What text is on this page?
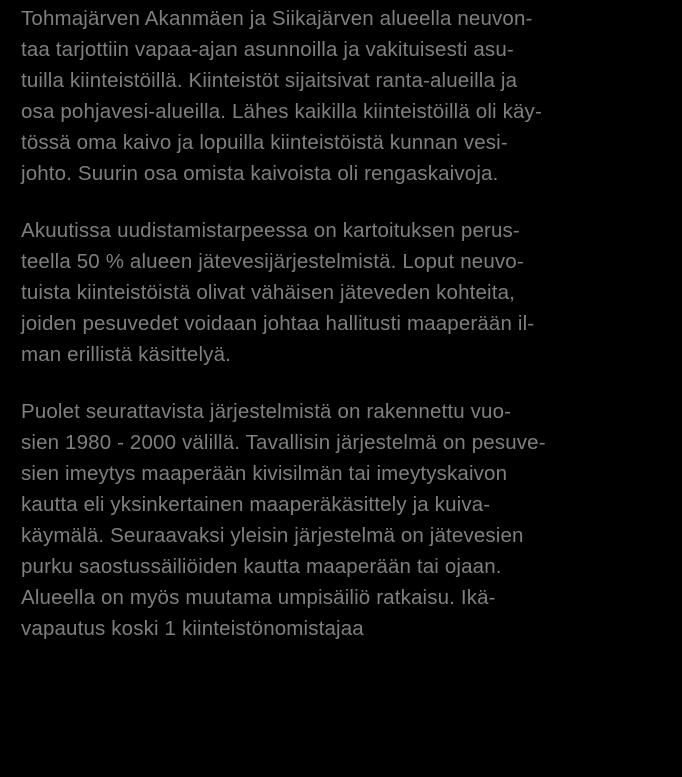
Tohmajärven Akanmäen ja Siikajärven alueella neuvon-
taa tarjottiin vapaa-ajan asunnoilla ja vakituisesti asu-
tuilla kiinteistöillä. Kiinteistöt sijaitsivat ranta-alueilla ja
osa pohjavesi-alueilla. Lähes kaikilla kiinteistöillä oli käy-
tössä oma kaivo ja lopuilla kiinteistöistä kunnan vesi-
johto. Suurin osa omista kaivoista oli rengaskaivoja.

Akuutissa uudistamistarpeessa on kartoituksen perus-
teella 50 % alueen jätevesijärjestelmistä. Loput neuvo-
tuista kiinteistöistä olivat vähäisen jäteveden kohteita,
joiden pesuvedet voidaan johtaa hallitusti maaperään il-
man erillistä käsittelyä.

Puolet seurattavista järjestelmistä on rakennettu vuo-
sien 1980 - 2000 välillä. Tavallisin järjestelmä on pesuve-
sien imeytys maaperään kivisilmän tai imeytyskaivon
kautta eli yksinkertainen maaperäkäsittely ja kuiva-
käymälä. Seuraavaksi yleisin järjestelmä on jätevesien
purku saostussäiliöiden kautta maaperään tai ojaan.
Alueella on myös muutama umpisäiliö ratkaisu. Ikä-
vapautus koski 1 kiinteistönomistajaa
